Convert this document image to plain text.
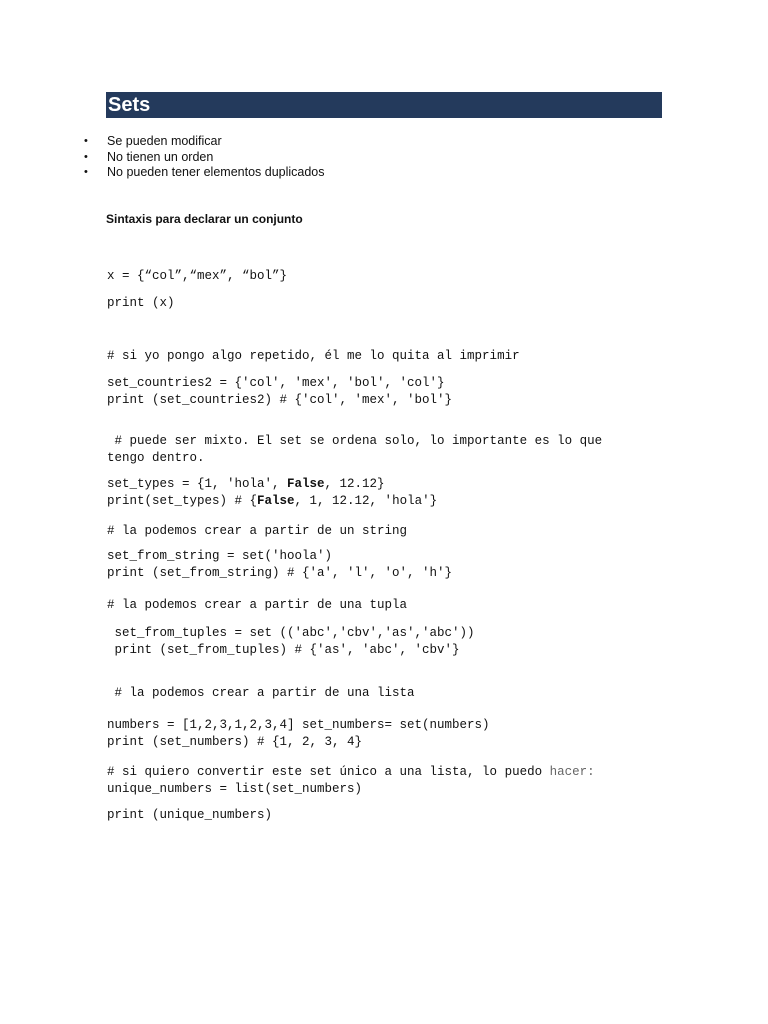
Sets
• Se pueden modificar
• No tienen un orden
• No pueden tener elementos duplicados
Sintaxis para declarar un conjunto
x = {“col”,“mex”, “bol”}
print (x)
# si yo pongo algo repetido, él me lo quita al imprimir
set_countries2 = {'col', 'mex', 'bol', 'col'}
print (set_countries2) # {'col', 'mex', 'bol'}
# puede ser mixto. El set se ordena solo, lo importante es lo que
tengo dentro.
set_types = {1, 'hola', False, 12.12}
print(set_types) # {False, 1, 12.12, 'hola'}
# la podemos crear a partir de un string
set_from_string = set('hoola')
print (set_from_string) # {'a', 'l', 'o', 'h'}
# la podemos crear a partir de una tupla
set_from_tuples = set (('abc','cbv','as','abc'))
print (set_from_tuples) # {'as', 'abc', 'cbv'}
# la podemos crear a partir de una lista
numbers = [1,2,3,1,2,3,4] set_numbers= set(numbers)
print (set_numbers) # {1, 2, 3, 4}
# si quiero convertir este set único a una lista, lo puedo hacer:
unique_numbers = list(set_numbers)
print (unique_numbers)
